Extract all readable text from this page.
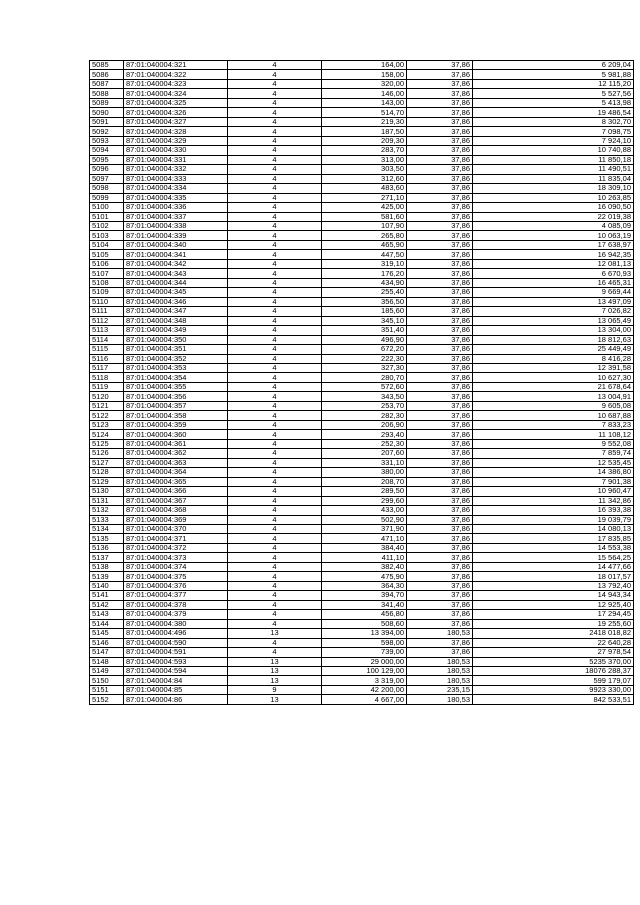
5085	87:01:040004:321	4	164,00	37,86	6 209,04
5086	87:01:040004:322	4	158,00	37,86	5 981,88
5087	87:01:040004:323	4	320,00	37,86	12 115,20
5088	87:01:040004:324	4	146,00	37,86	5 527,56
5089	87:01:040004:325	4	143,00	37,86	5 413,98
5090	87:01:040004:326	4	514,70	37,86	19 486,54
5091	87:01:040004:327	4	219,30	37,86	8 302,70
5092	87:01:040004:328	4	187,50	37,86	7 098,75
5093	87:01:040004:329	4	209,30	37,86	7 924,10
5094	87:01:040004:330	4	283,70	37,86	10 740,88
5095	87:01:040004:331	4	313,00	37,86	11 850,18
5096	87:01:040004:332	4	303,50	37,86	11 490,51
5097	87:01:040004:333	4	312,60	37,86	11 835,04
5098	87:01:040004:334	4	483,60	37,86	18 309,10
5099	87:01:040004:335	4	271,10	37,86	10 263,85
5100	87:01:040004:336	4	425,00	37,86	16 090,50
5101	87:01:040004:337	4	581,60	37,86	22 019,38
5102	87:01:040004:338	4	107,90	37,86	4 085,09
5103	87:01:040004:339	4	265,80	37,86	10 063,19
5104	87:01:040004:340	4	465,90	37,86	17 638,97
5105	87:01:040004:341	4	447,50	37,86	16 942,35
5106	87:01:040004:342	4	319,10	37,86	12 081,13
5107	87:01:040004:343	4	176,20	37,86	6 670,93
5108	87:01:040004:344	4	434,90	37,86	16 465,31
5109	87:01:040004:345	4	255,40	37,86	9 669,44
5110	87:01:040004:346	4	356,50	37,86	13 497,09
5111	87:01:040004:347	4	185,60	37,86	7 026,82
5112	87:01:040004:348	4	345,10	37,86	13 065,49
5113	87:01:040004:349	4	351,40	37,86	13 304,00
5114	87:01:040004:350	4	496,90	37,86	18 812,63
5115	87:01:040004:351	4	672,20	37,86	25 449,49
5116	87:01:040004:352	4	222,30	37,86	8 416,28
5117	87:01:040004:353	4	327,30	37,86	12 391,58
5118	87:01:040004:354	4	280,70	37,86	10 627,30
5119	87:01:040004:355	4	572,60	37,86	21 678,64
5120	87:01:040004:356	4	343,50	37,86	13 004,91
5121	87:01:040004:357	4	253,70	37,86	9 605,08
5122	87:01:040004:358	4	282,30	37,86	10 687,88
5123	87:01:040004:359	4	206,90	37,86	7 833,23
5124	87:01:040004:360	4	293,40	37,86	11 108,12
5125	87:01:040004:361	4	252,30	37,86	9 552,08
5126	87:01:040004:362	4	207,60	37,86	7 859,74
5127	87:01:040004:363	4	331,10	37,86	12 535,45
5128	87:01:040004:364	4	380,00	37,86	14 386,80
5129	87:01:040004:365	4	208,70	37,86	7 901,38
5130	87:01:040004:366	4	289,50	37,86	10 960,47
5131	87:01:040004:367	4	299,60	37,86	11 342,86
5132	87:01:040004:368	4	433,00	37,86	16 393,38
5133	87:01:040004:369	4	502,90	37,86	19 039,79
5134	87:01:040004:370	4	371,90	37,86	14 080,13
5135	87:01:040004:371	4	471,10	37,86	17 835,85
5136	87:01:040004:372	4	384,40	37,86	14 553,38
5137	87:01:040004:373	4	411,10	37,86	15 564,25
5138	87:01:040004:374	4	382,40	37,86	14 477,66
5139	87:01:040004:375	4	475,90	37,86	18 017,57
5140	87:01:040004:376	4	364,30	37,86	13 792,40
5141	87:01:040004:377	4	394,70	37,86	14 943,34
5142	87:01:040004:378	4	341,40	37,86	12 925,40
5143	87:01:040004:379	4	456,80	37,86	17 294,45
5144	87:01:040004:380	4	508,60	37,86	19 255,60
5145	87:01:040004:496	13	13 394,00	180,53	2418 018,82
5146	87:01:040004:590	4	598,00	37,86	22 640,28
5147	87:01:040004:591	4	739,00	37,86	27 978,54
5148	87:01:040004:593	13	29 000,00	180,53	5235 370,00
5149	87:01:040004:594	13	100 129,00	180,53	18076 288,37
5150	87:01:040004:84	13	3 319,00	180,53	599 179,07
5151	87:01:040004:85	9	42 200,00	235,15	9923 330,00
5152	87:01:040004:86	13	4 667,00	180,53	842 533,51
